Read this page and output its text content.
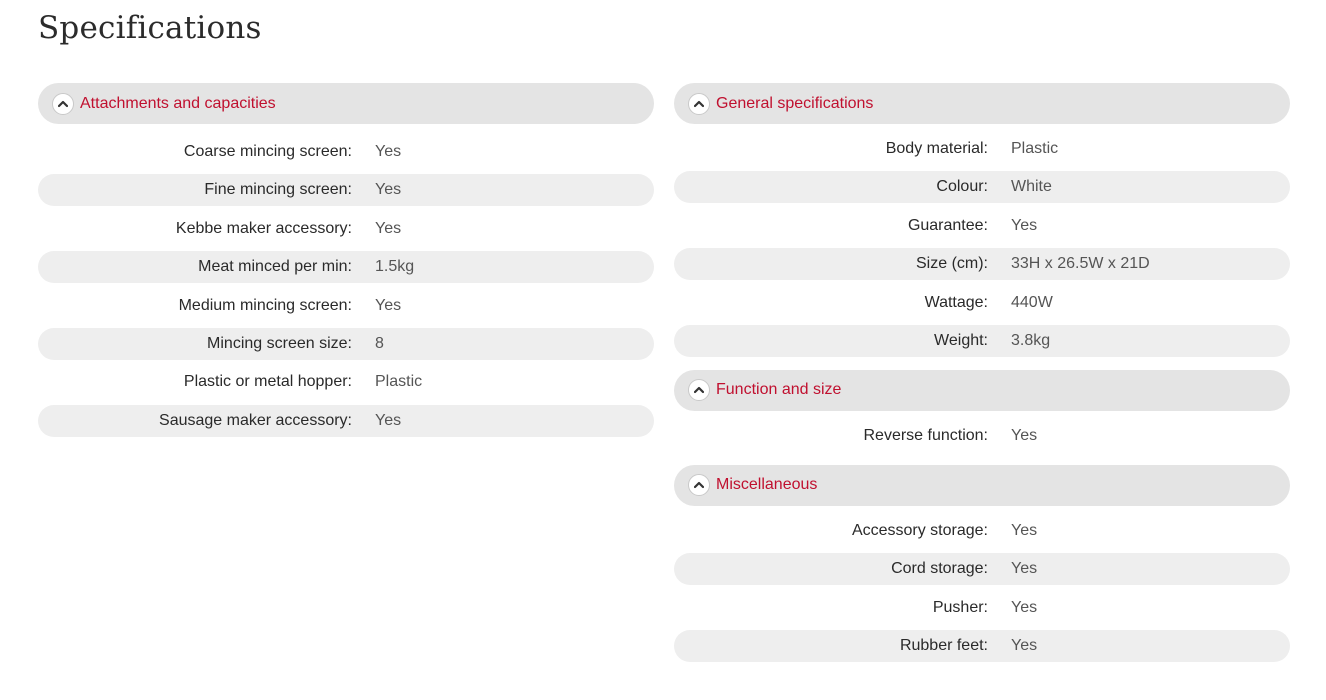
Specifications
Attachments and capacities
Coarse mincing screen: Yes
Fine mincing screen: Yes
Kebbe maker accessory: Yes
Meat minced per min: 1.5kg
Medium mincing screen: Yes
Mincing screen size: 8
Plastic or metal hopper: Plastic
Sausage maker accessory: Yes
General specifications
Body material: Plastic
Colour: White
Guarantee: Yes
Size (cm): 33H x 26.5W x 21D
Wattage: 440W
Weight: 3.8kg
Function and size
Reverse function: Yes
Miscellaneous
Accessory storage: Yes
Cord storage: Yes
Pusher: Yes
Rubber feet: Yes
